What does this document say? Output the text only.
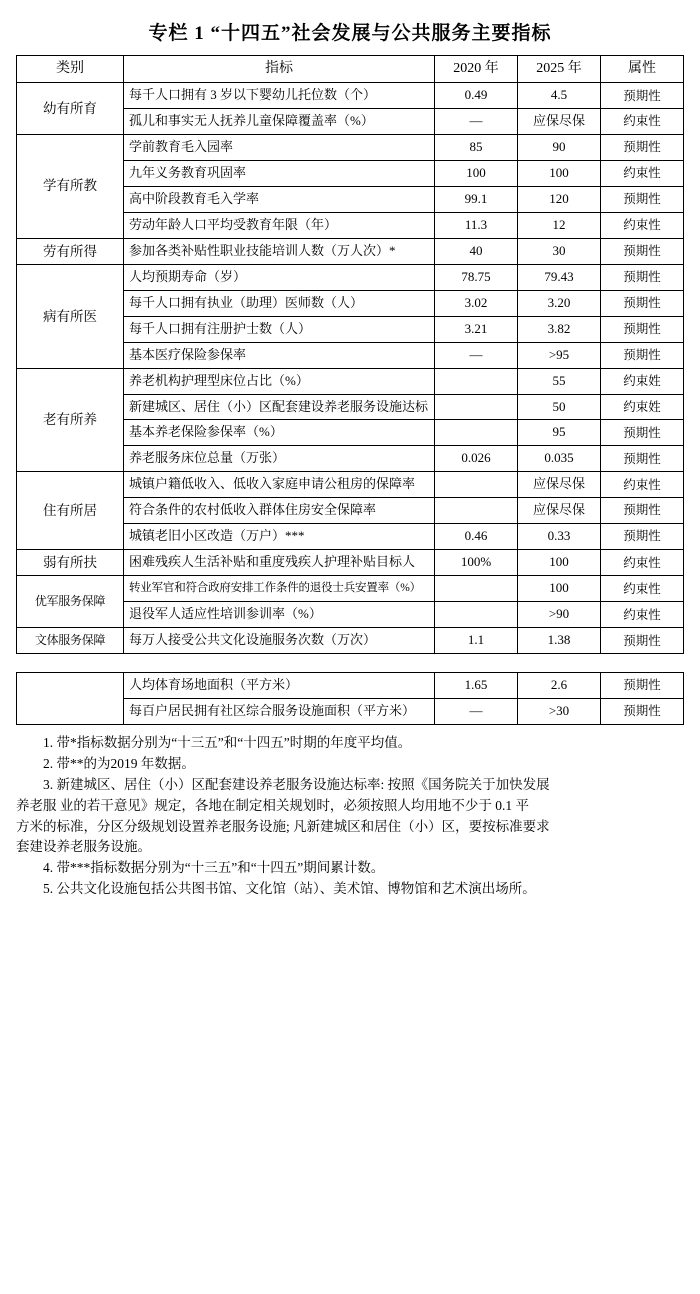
专栏 1 “十四五”社会发展与公共服务主要指标
类别	指标	2020 年	2025 年	属性
幼有所育	每千人口拥有 3 岁以下婴幼儿托位数（个）	0.49	4.5	预期性
	孤儿和事实无人抚养儿童保障覆盖率（%）	—	应保尽保	约束性
学有所教	学前教育毛入园率	85	90	预期性
	九年义务教育巩固率	100	100	约束性
	高中阶段教育毛入学率	99.1	120	预期性
	劳动年龄人口平均受教育年限（年）	11.3	12	约束性
劳有所得	参加各类补贴性职业技能培训人数（万人次）*	40	30	预期性
病有所医	人均预期寿命（岁）	78.75	79.43	预期性
	每千人口拥有执业（助理）医师数（人）	3.02	3.20	预期性
	每千人口拥有注册护士数（人）	3.21	3.82	预期性
	基本医疗保险参保率	—	>95	预期性
老有所养	养老机构护理型床位占比（%）		55	约束姓
	新建城区、居住（小）区配套建设养老服务设施达标		50	约束姓
	基本养老保险参保率（%）		95	预期性
	养老服务床位总量（万张）	0.026	0.035	预期性
住有所居	城镇户籍低收入、低收入家庭申请公租房的保障率		应保尽保	约束性
	符合条件的农村低收入群体住房安全保障率		应保尽保	预期性
	城镇老旧小区改造（万户）***	0.46	0.33	预期性
弱有所扶	困难残疾人生活补贴和重度残疾人护理补贴目标人	100%	100	约束性
优军服务保障	转业军官和符合政府安排工作条件的退役士兵安置率（%）		100	约束性
	退役军人适应性培训参训率（%）		>90	约束性
文体服务保障	每万人接受公共文化设施服务次数（万次）	1.1	1.38	预期性

	人均体育场地面积（平方米）	1.65	2.6	预期性
	每百户居民拥有社区综合服务设施面积（平方米）	—	>30	预期性

1. 带*指标数据分别为“十三五”和“十四五”时期的年度平均值。

2. 带**的为2019 年数据。

3. 新建城区、居住（小）区配套建设养老服务设施达标率: 按照《国务院关于加快发展

养老服 业的若干意见》规定，各地在制定相关规划时，必须按照人均用地不少于 0.1 平

方米的标准，分区分级规划设置养老服务设施; 凡新建城区和居住（小）区，要按标准要求

套建设养老服务设施。

4. 带***指标数据分别为“十三五”和“十四五”期间累计数。

5. 公共文化设施包括公共图书馆、文化馆（站）、美术馆、博物馆和艺术演出场所。
